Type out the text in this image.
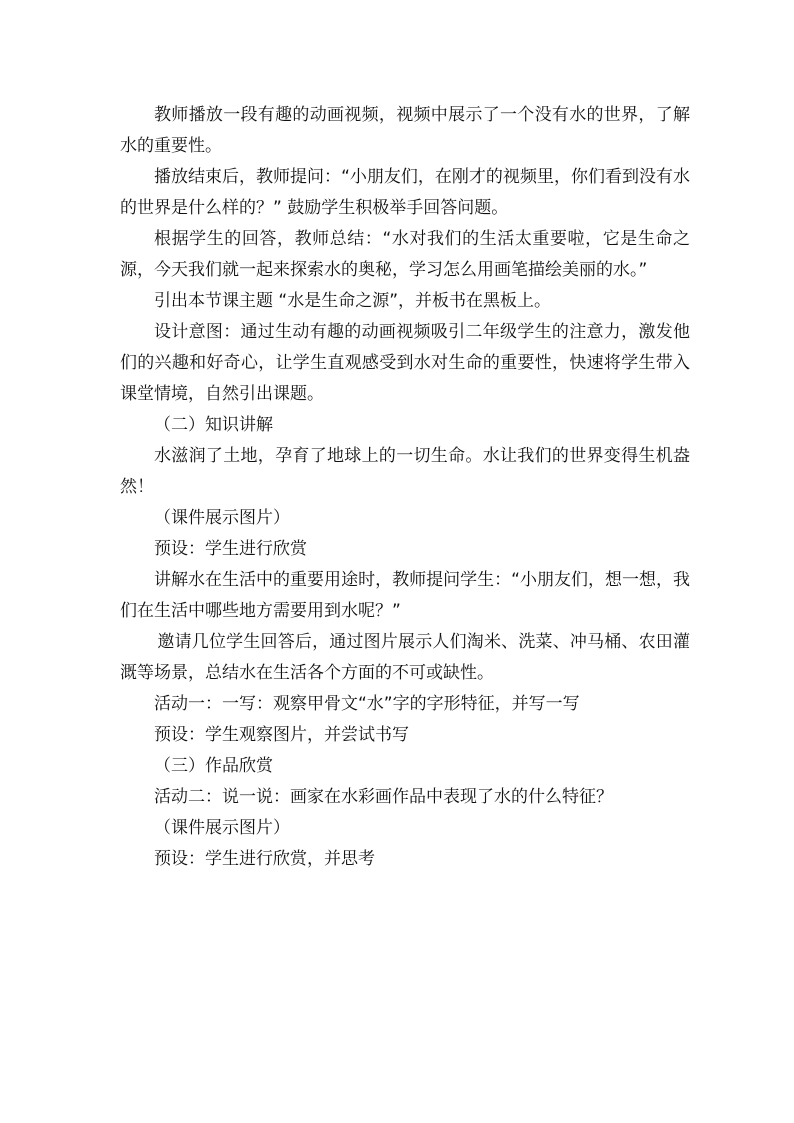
教师播放一段有趣的动画视频，视频中展示了一个没有水的世界，了解水的重要性。

播放结束后，教师提问：“小朋友们，在刚才的视频里，你们看到没有水的世界是什么样的？” 鼓励学生积极举手回答问题。

根据学生的回答，教师总结：“水对我们的生活太重要啦，它是生命之源，今天我们就一起来探索水的奥秘，学习怎么用画笔描绘美丽的水。”

引出本节课主题 “水是生命之源”，并板书在黑板上。

设计意图：通过生动有趣的动画视频吸引二年级学生的注意力，激发他们的兴趣和好奇心，让学生直观感受到水对生命的重要性，快速将学生带入课堂情境，自然引出课题。

（二）知识讲解

水滋润了土地，孕育了地球上的一切生命。水让我们的世界变得生机盎然！

（课件展示图片）

预设：学生进行欣赏

讲解水在生活中的重要用途时，教师提问学生：“小朋友们，想一想，我们在生活中哪些地方需要用到水呢？”

邀请几位学生回答后，通过图片展示人们淘米、洗菜、冲马桶、农田灌溉等场景，总结水在生活各个方面的不可或缺性。

活动一：一写：观察甲骨文“水”字的字形特征，并写一写

预设：学生观察图片，并尝试书写

（三）作品欣赏

活动二：说一说：画家在水彩画作品中表现了水的什么特征？

（课件展示图片）

预设：学生进行欣赏，并思考
